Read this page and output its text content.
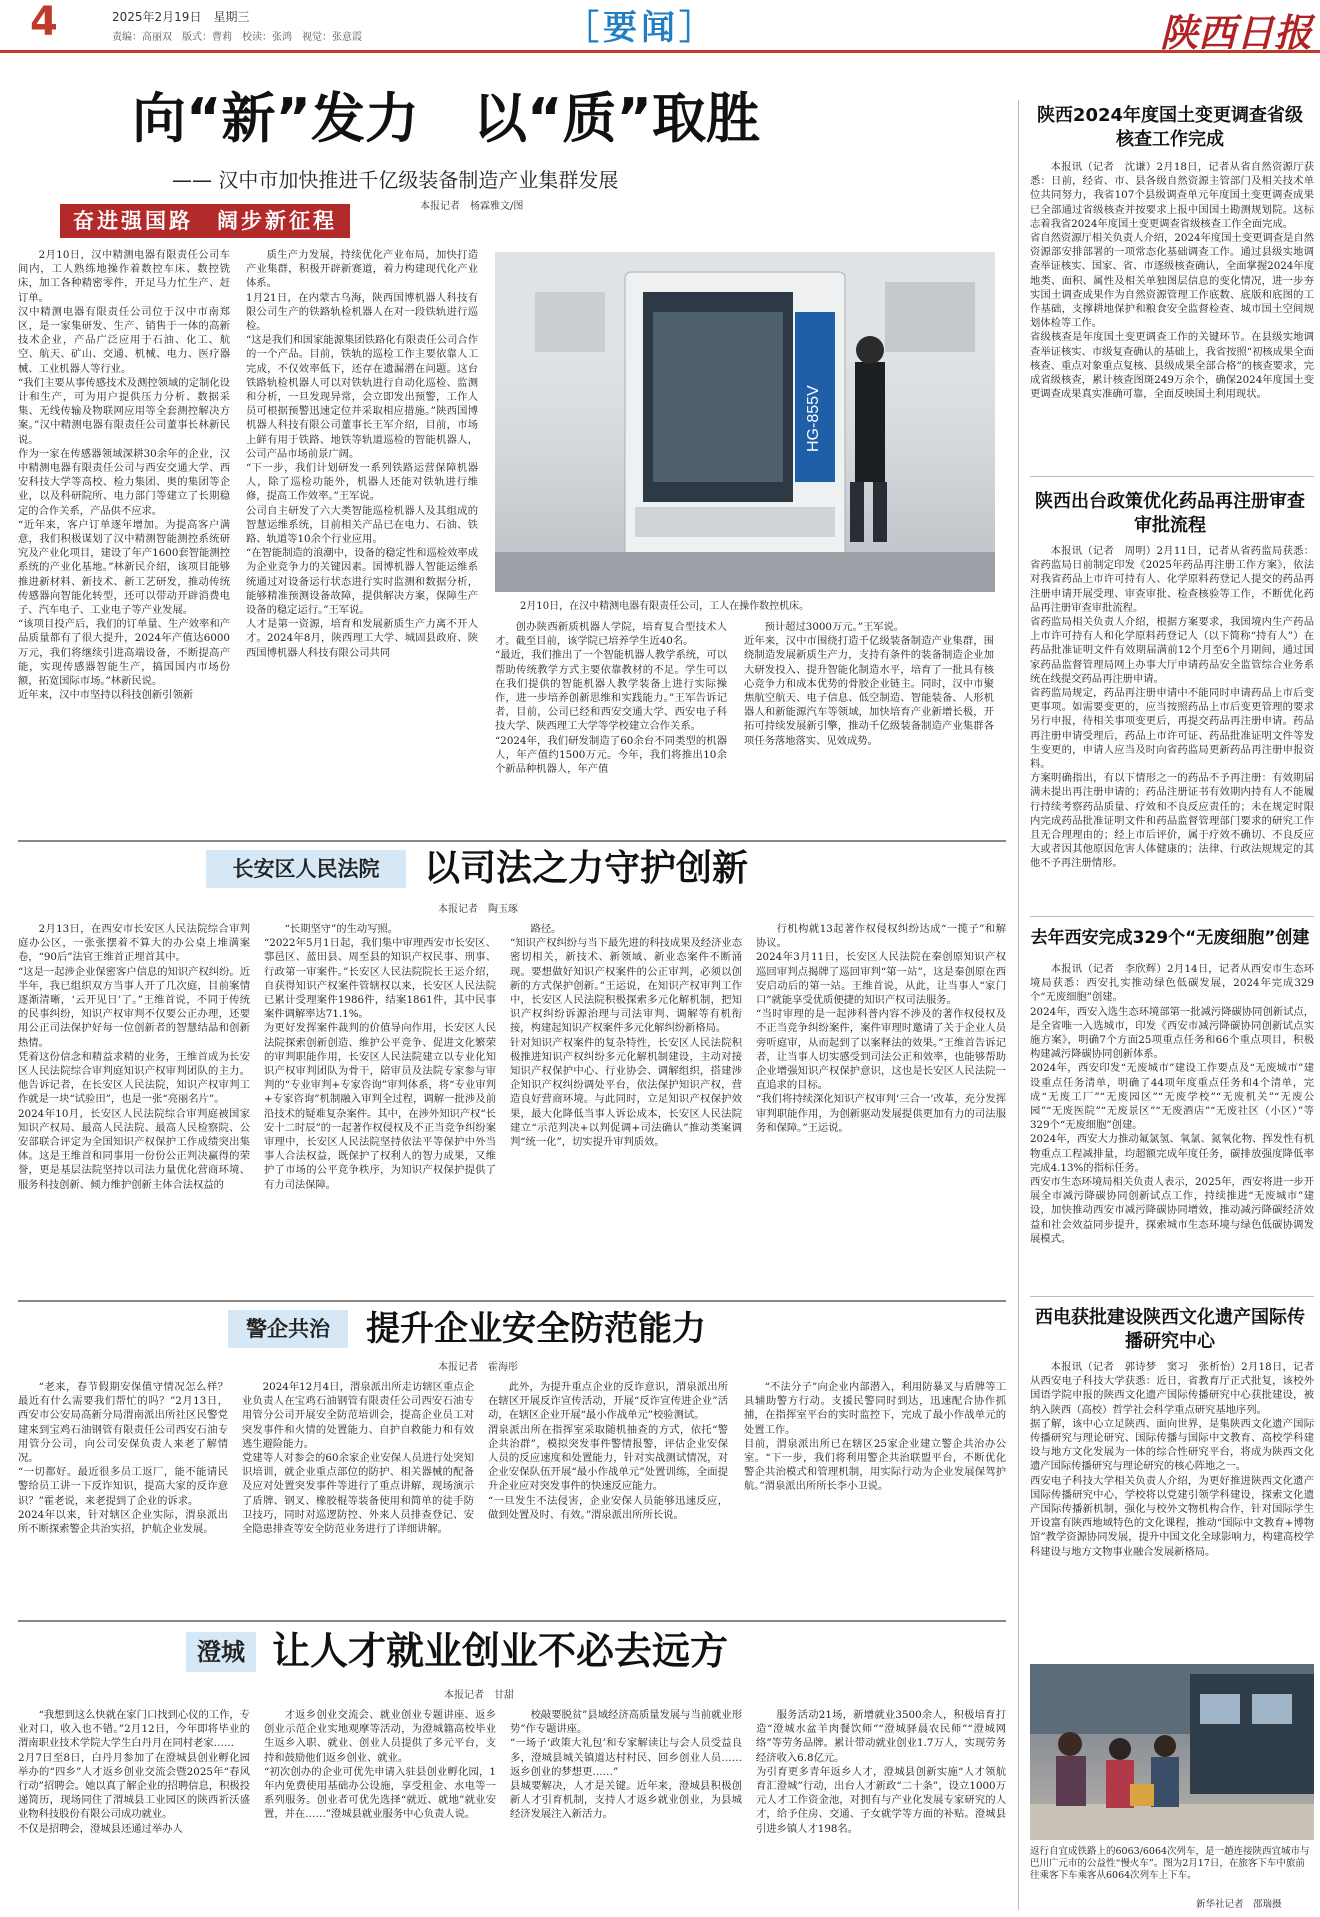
4	2025年2月19日　星期三
责编：高丽双　版式：曹莉　校读：张鸿　视觉：张意霞	［要闻］	陕西日报
向“新”发力　以“质”取胜
—— 汉中市加快推进千亿级装备制造产业集群发展
本报记者　杨霖雅文/图
奋进强国路　阔步新征程

2月10日，汉中精测电器有限责任公司车间内，工人熟练地操作着数控车床、数控铣床，加工各种精密零件，开足马力忙生产、赶订单。
汉中精测电器有限责任公司位于汉中市南郑区，是一家集研发、生产、销售于一体的高新技术企业，产品广泛应用于石油、化工、航空、航天、矿山、交通、机械、电力、医疗器械、工业机器人等行业。
“我们主要从事传感技术及测控领域的定制化设计和生产，可为用户提供压力分析、数据采集、无线传输及物联网应用等全套测控解决方案。”汉中精测电器有限责任公司董事长林新民说。
作为一家在传感器领域深耕30余年的企业，汉中精测电器有限责任公司与西安交通大学、西安科技大学等高校、检力集团、奥的集团等企业，以及科研院所、电力部门等建立了长期稳定的合作关系，产品供不应求。
“近年来，客户订单逐年增加。为提高客户满意，我们积极谋划了汉中精测智能测控系统研究及产业化项目，建设了年产1600套智能测控系统的产业化基地。”林新民介绍，该项目能够推进新材料、新技术、新工艺研发，推动传统传感器向智能化转型，还可以带动开辟消费电子、汽车电子、工业电子等产业发展。
“该项目投产后，我们的订单量、生产效率和产品质量都有了很大提升，2024年产值达6000万元，我们将继续引进高端设备，不断提高产能，实现传感器智能生产，搞国国内市场份额，拓宽国际市场。”林新民说。
近年来，汉中市坚持以科技创新引领新

质生产力发展，持续优化产业布局，加快打造产业集群，积极开辟新赛道，着力构建现代化产业体系。
1月21日，在内蒙古乌海，陕西国博机器人科技有限公司生产的铁路轨检机器人在对一段铁轨进行巡检。
“这是我们和国家能源集团铁路化有限责任公司合作的一个产品。目前，铁轨的巡检工作主要依靠人工完成，不仅效率低下，还存在遗漏潜在问题。这台铁路轨检机器人可以对铁轨进行自动化巡检、监测和分析，一旦发现异常，会立即发出预警，工作人员可根据预警迅速定位并采取相应措施。”陕西国博机器人科技有限公司董事长王军介绍，目前，市场上鲜有用于铁路、地铁等轨道巡检的智能机器人，公司产品市场前景广阔。
“下一步，我们计划研发一系列铁路运营保障机器人，除了巡检功能外，机器人还能对铁轨进行维修，提高工作效率。”王军说。
公司自主研发了六大类智能巡检机器人及其组成的智慧运维系统，目前相关产品已在电力、石油、铁路、轨道等10余个行业应用。
“在智能制造的浪潮中，设备的稳定性和巡检效率成为企业竞争力的关键因素。国博机器人智能运维系统通过对设备运行状态进行实时监测和数据分析，能够精准预测设备故障，提供解决方案，保障生产设备的稳定运行。”王军说。
人才是第一资源，培育和发展新质生产力离不开人才。2024年8月，陕西理工大学、城固县政府、陕西国博机器人科技有限公司共同

HG-855V
2月10日，在汉中精测电器有限责任公司，工人在操作数控机床。

创办陕西新质机器人学院，培育复合型技术人才。截至目前，该学院已培养学生近40名。
“最近，我们推出了一个智能机器人教学系统，可以帮助传统教学方式主要依靠教材的不足。学生可以在我们提供的智能机器人教学装备上进行实际操作，进一步培养创新思维和实践能力。”王军告诉记者，目前，公司已经和西安交通大学、西安电子科技大学、陕西理工大学等学校建立合作关系。
“2024年，我们研发制造了60余台不同类型的机器人，年产值约1500万元。今年，我们将推出10余个新品种机器人，年产值

预计超过3000万元。”王军说。
近年来，汉中市围绕打造千亿级装备制造产业集群，围绕制造发展新质生产力，支持有条件的装备制造企业加大研发投入、提升智能化制造水平，培育了一批具有核心竞争力和成本优势的骨胶企业链主。同时，汉中市聚焦航空航天、电子信息、低空制造、智能装备、人形机器人和新能源汽车等领域，加快培育产业新增长极，开拓可持续发展新引擎，推动千亿级装备制造产业集群各项任务落地落实、见效成势。

长安区人民法院	以司法之力守护创新
本报记者　陶玉琢

2月13日，在西安市长安区人民法院综合审判庭办公区，一张张摆着不算大的办公桌上堆满案卷，“90后”法官王维首正埋首其中。
“这是一起涉企业保密客户信息的知识产权纠纷。近半年，我已组织双方当事人开了几次庭，目前案情逐渐清晰，‘云开见日’了。”王维首说，不同于传统的民事纠纷，知识产权审判不仅要公正办理，还要用公正司法保护好每一位创新者的智慧结晶和创新热情。
凭着这份信念和精益求精的业务，王维首成为长安区人民法院综合审判庭知识产权审判团队的主力。他告诉记者，在长安区人民法院，知识产权审判工作就是一块“试验田”，也是一张“亮丽名片”。
2024年10月，长安区人民法院综合审判庭被国家知识产权局、最高人民法院、最高人民检察院、公安部联合评定为全国知识产权保护工作成绩突出集体。这是王维首和同事用一份份公正判决赢得的荣誉，更是基层法院坚持以司法力量优化营商环境、服务科技创新、倾力维护创新主体合法权益的

“长期坚守”的生动写照。
“2022年5月1日起，我们集中审理西安市长安区、鄠邑区、蓝田县、周至县的知识产权民事、刑事、行政第一审案件。”长安区人民法院院长王运介绍，自获得知识产权案件管辖权以来，长安区人民法院已累计受理案件1986件，结案1861件，其中民事案件调解率达71.1%。
为更好发挥案件裁判的价值导向作用，长安区人民法院探索创新创造、维护公平竞争、促进文化繁荣的审判职能作用，长安区人民法院建立以专业化知识产权审判团队为骨干，陪审员及法院专家参与审判的“专业审判+专家咨询”审判体系，将“专业审判+专家咨询”机制融入审判全过程，调解一批涉及前沿技术的疑难复杂案件。其中，在涉外知识产权“长安十二时辰”的一起著作权侵权及不正当竞争纠纷案审理中，长安区人民法院坚持依法平等保护中外当事人合法权益，既保护了权利人的智力成果，又维护了市场的公平竞争秩序，为知识产权保护提供了有力司法保障。

路径。
“知识产权纠纷与当下最先进的科技成果及经济业态密切相关，新技术、新领域、新业态案件不断涌现。要想做好知识产权案件的公正审判，必须以创新的方式保护创新。”王运说，在知识产权审判工作中，长安区人民法院积极探索多元化解机制，把知识产权纠纷诉源治理与司法审判、调解等有机衔接，构建起知识产权案件多元化解纠纷新格局。
针对知识产权案件的复杂特性，长安区人民法院积极推进知识产权纠纷多元化解机制建设，主动对接知识产权保护中心、行业协会、调解组织，搭建涉企知识产权纠纷调处平台，依法保护知识产权，营造良好营商环境。与此同时，立足知识产权保护效果，最大化降低当事人诉讼成本，长安区人民法院建立“示范判决+以判促调+司法确认”推动类案调判“统一化”，切实提升审判质效。

行机构就13起著作权侵权纠纷达成“一揽子”和解协议。
2024年3月11日，长安区人民法院在秦创原知识产权巡回审判点揭牌了巡回审判“第一站”，这是秦创原在西安启动后的第一站。王维首说，从此，让当事人“家门口”就能享受优质便捷的知识产权司法服务。
“当时审理的是一起涉科普内容不涉及的著作权侵权及不正当竞争纠纷案件，案件审理时邀请了关于企业人员旁听庭审，从而起到了以案释法的效果。”王维首告诉记者，让当事人切实感受到司法公正和效率，也能够帮助企业增强知识产权保护意识，这也是长安区人民法院一直追求的目标。
“我们将持续深化知识产权审判‘三合一’改革，充分发挥审判职能作用，为创新驱动发展提供更加有力的司法服务和保障。”王运说。

警企共治	提升企业安全防范能力
本报记者　霍海彤

“老来，春节假期安保值守情况怎么样？最近有什么需要我们帮忙的吗？”2月13日，西安市公安局高新分局渭南派出所社区民警党建来到宝鸡石油钢管有限责任公司西安石油专用管分公司，向公司安保负责人来老了解情况。
“一切都好。最近很多员工返厂，能不能请民警给员工讲一下反诈知识，提高大家的反诈意识？”霍老说，来老提到了企业的诉求。
2024年以来，针对辖区企业实际，渭泉派出所不断探索警企共治实招，护航企业发展。

2024年12月4日，渭泉派出所走访辖区重点企业负责人在宝鸡石油钢管有限责任公司西安石油专用管分公司开展安全防范培训会，提高企业员工对突发事件和火情的处置能力、自护自救能力和有效逃生避险能力。
党建等人对参会的60余家企业安保人员进行处突知识培训，就企业重点部位的防护、相关器械的配备及应对处置突发事件等进行了重点讲解，现场演示了盾牌、钢叉、橡胶棍等装备使用和简单的徒手防卫技巧，同时对巡逻防控、外来人员排查登记、安全隐患排查等安全防范业务进行了详细讲解。

此外，为提升重点企业的反诈意识，渭泉派出所在辖区开展反诈宣传活动，开展“反诈宣传进企业”活动，在辖区企业开展“最小作战单元”校验测试。
渭泉派出所在指挥室采取随机抽查的方式，依托“警企共治群”，模拟突发事件警情报警，评估企业安保人员的反应速度和处置能力，针对实战测试情况，对企业安保队伍开展“最小作战单元”处置训练，全面提升企业应对突发事件的快速反应能力。
“一旦发生不法侵害，企业安保人员能够迅速反应，做到处置及时、有效。”渭泉派出所所长说。

“不法分子”向企业内部潜入，利用防暴叉与盾牌等工具辅助警方行动。支援民警同时到达，迅速配合协作抓捕，在指挥室平台的实时监控下，完成了最小作战单元的处置工作。
目前，渭泉派出所已在辖区25家企业建立警企共治办公室。“下一步，我们将利用警企共治联盟平台，不断优化警企共治模式和管理机制，用实际行动为企业发展保驾护航。”渭泉派出所所长李小卫说。

澄城 让人才就业创业不必去远方
本报记者　甘甜

“我想到这么快就在家门口找到心仪的工作，专业对口，收入也不错。”2月12日，今年即将毕业的渭南职业技术学院大学生白丹月在同村老家……
2月7日至8日，白丹月参加了在澄城县创业孵化园举办的“四乡”人才返乡创业交流会暨2025年“春风行动”招聘会。她以真了解企业的招聘信息，积极投递简历，现场同住了渭城县工业园区的陕西祈沃盛业物科技股份有限公司成功就业。
不仅是招聘会，澄城县还通过举办人

才返乡创业交流会、就业创业专题讲座、返乡创业示范企业实地观摩等活动，为澄城籍高校毕业生返乡入职、就业、创业人员提供了多元平台，支持和鼓励他们返乡创业、就业。
“初次创办的企业可优先申请入驻县创业孵化园，1年内免费使用基础办公设施，享受租金、水电等一系列服务。创业者可优先选择“就近、就地”就业安置，并在……”澄城县就业服务中心负责人说。

校敲要脱贫”县域经济高质量发展与当前就业形势”作专题讲座。
“一场子‘政策大礼包’和专家解读让与会人员受益良多，澄城县城关镇道达村村民、回乡创业人员……返乡创业的梦想更……”
县城要解决，人才是关键。近年来，澄城县积极创新人才引育机制，支持人才返乡就业创业，为县城经济发展注入新活力。

服务活动21场，新增就业3500余人，积极培育打造“澄城水盆羊肉餐饮师”“澄城驿晨农民师”“澄城网络”等劳务品牌。累计带动就业创业1.7万人，实现劳务经济收入6.8亿元。
为引育更多青年返乡人才，澄城县创新实施“人才领航育汇澄城”行动，出台人才新政“二十条”，设立1000万元人才工作资金池，对拥有与产业化发展专家研究的人才，给予住房、交通、子女就学等方面的补贴。澄城县引进乡镇人才198名。

陕西2024年度国土变更调查省级核查工作完成

本报讯（记者　沈谦）2月18日，记者从省自然资源厅获悉：日前，经省、市、县各级自然资源主管部门及相关技术单位共同努力，我省107个县级调查单元年度国土变更调查成果已全部通过省级核查并按要求上报中国国土勘测规划院。这标志着我省2024年度国土变更调查省级核查工作全面完成。
省自然资源厅相关负责人介绍，2024年度国土变更调查是自然资源部安排部署的一项常态化基础调查工作。通过县级实地调查举证核实、国家、省、市逐级核查确认，全面掌握2024年度地类、面积、属性及相关单独图层信息的变化情况，进一步夯实国土调查成果作为自然资源管理工作底数、底版和底图的工作基础，支撑耕地保护和粮食安全监督检查、城市国土空间规划体检等工作。
省级核查是年度国土变更调查工作的关键环节。在县级实地调查举证核实、市级复查确认的基础上，我省按照“初核成果全面核查、重点对象重点复核、县级成果全部合格”的核查要求，完成省级核查，累计核查图斑249万余个，确保2024年度国土变更调查成果真实准确可靠，全面反映国土利用现状。

陕西出台政策优化药品再注册审查审批流程

本报讯（记者　周明）2月11日，记者从省药监局获悉：省药监局日前制定印发《2025年药品再注册工作方案》，依法对我省药品上市许可持有人、化学原料药登记人提交的药品再注册申请开展受理、审查审批、检查核验等工作，不断优化药品再注册审查审批流程。
省药监局相关负责人介绍，根据方案要求，我国境内生产药品上市许可持有人和化学原料药登记人（以下简称“持有人”）在药品批准证明文件有效期届满前12个月至6个月期间，通过国家药品监督管理局网上办事大厅申请药品安全监管综合业务系统在线提交药品再注册申请。
省药监局规定，药品再注册申请中不能同时申请药品上市后变更事项。如需要变更的，应当按照药品上市后变更管理的要求另行申报，待相关事项变更后，再提交药品再注册申请。药品再注册申请受理后，药品上市许可证、药品批准证明文件等发生变更的，申请人应当及时向省药监局更新药品再注册申报资料。
方案明确指出，有以下情形之一的药品不予再注册：有效期届满未提出再注册申请的；药品注册证书有效期内持有人不能履行持续考察药品质量、疗效和不良反应责任的；未在规定时限内完成药品批准证明文件和药品监督管理部门要求的研究工作且无合理理由的；经上市后评价，属于疗效不确切、不良反应大或者因其他原因危害人体健康的；法律、行政法规规定的其他不予再注册情形。

去年西安完成329个“无废细胞”创建

本报讯（记者　李欣辉）2月14日，记者从西安市生态环境局获悉：西安扎实推动绿色低碳发展，2024年完成329个“无废细胞”创建。
2024年，西安入选生态环境部第一批减污降碳协同创新试点，是全省唯一入选城市，印发《西安市减污降碳协同创新试点实施方案》，明确7个方面25项重点任务和66个重点项目，积极构建减污降碳协同创新体系。
2024年，西安印发“无废城市”建设工作要点及“无废城市”建设重点任务清单，明确了44项年度重点任务和4个清单，完成“无废工厂”“无废园区”“无废学校”“无废机关”“无废公园”“无废医院”“无废景区”“无废酒店”“无废社区（小区）”等329个“无废细胞”创建。
2024年，西安大力推动氟氯氢、氧氯、氮氧化物、挥发性有机物重点工程减排量，均超额完成年度任务，碳排放强度降低率完成4.13%的指标任务。
西安市生态环境局相关负责人表示，2025年，西安将进一步开展全市减污降碳协同创新试点工作，持续推进“无废城市”建设，加快推动西安市减污降碳协同增效，推动减污降碳经济效益和社会效益同步提升，探索城市生态环境与绿色低碳协调发展模式。

西电获批建设陕西文化遗产国际传播研究中心

本报讯（记者　郭诗梦　窦习　张析怡）2月18日，记者从西安电子科技大学获悉：近日，省教育厅正式批复，该校外国语学院申报的陕西文化遗产国际传播研究中心获批建设，被纳入陕西（高校）哲学社会科学重点研究基地序列。
据了解，该中心立足陕西、面向世界，是集陕西文化遗产国际传播研究与理论研究、国际传播与国际中文教育、高校学科建设与地方文化发展为一体的综合性研究平台，将成为陕西文化遗产国际传播研究与理论研究的核心阵地之一。
西安电子科技大学相关负责人介绍，为更好推进陕西文化遗产国际传播研究中心，学校将以党建引领学科建设，探索文化遗产国际传播新机制，强化与校外文物机构合作，针对国际学生开设富有陕西地域特色的文化课程，推动“国际中文教育+博物馆”教学资源协同发展，提升中国文化全球影响力，构建高校学科建设与地方文物事业融合发展新格局。

返行自宜成铁路上的6063/6064次列车，是一趟连接陕西宜城市与巴川广元市的公益性“慢火车”。图为2月17日，在旅客下车中旅前往乘客下车乘客从6064次列车上下车。
新华社记者　邵瑞摄
